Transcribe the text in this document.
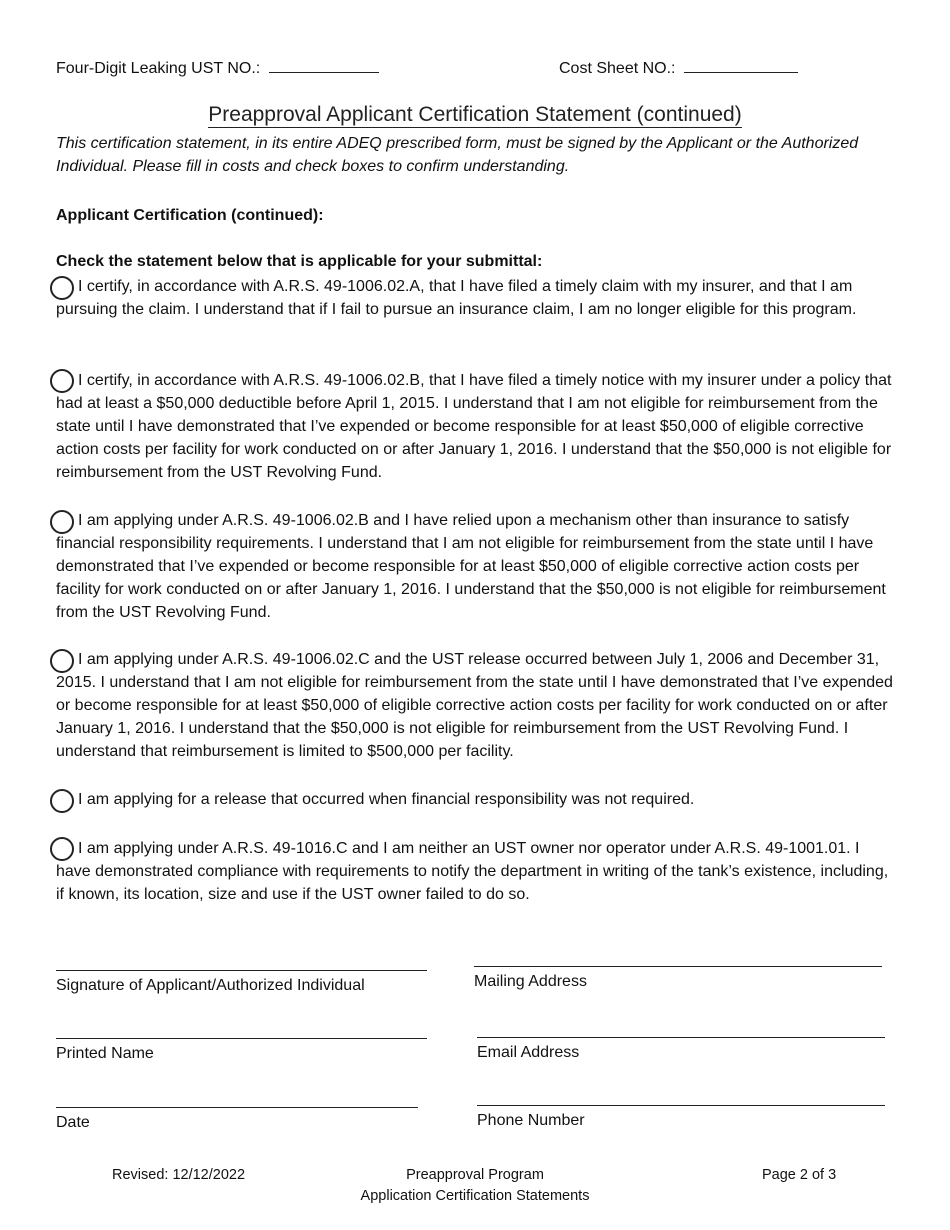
Four-Digit Leaking UST NO.:	Cost Sheet NO.:
Preapproval Applicant Certification Statement (continued)
This certification statement, in its entire ADEQ prescribed form, must be signed by the Applicant or the Authorized Individual. Please fill in costs and check boxes to confirm understanding.
Applicant Certification (continued):
Check the statement below that is applicable for your submittal:
I certify, in accordance with A.R.S. 49-1006.02.A, that I have filed a timely claim with my insurer, and that I am pursuing the claim. I understand that if I fail to pursue an insurance claim, I am no longer eligible for this program.
I certify, in accordance with A.R.S. 49-1006.02.B, that I have filed a timely notice with my insurer under a policy that had at least a $50,000 deductible before April 1, 2015. I understand that I am not eligible for reimbursement from the state until I have demonstrated that I’ve expended or become responsible for at least $50,000 of eligible corrective action costs per facility for work conducted on or after January 1, 2016. I understand that the $50,000 is not eligible for reimbursement from the UST Revolving Fund.
I am applying under A.R.S. 49-1006.02.B and I have relied upon a mechanism other than insurance to satisfy financial responsibility requirements. I understand that I am not eligible for reimbursement from the state until I have demonstrated that I’ve expended or become responsible for at least $50,000 of eligible corrective action costs per facility for work conducted on or after January 1, 2016. I understand that the $50,000 is not eligible for reimbursement from the UST Revolving Fund.
I am applying under A.R.S. 49-1006.02.C and the UST release occurred between July 1, 2006 and December 31, 2015. I understand that I am not eligible for reimbursement from the state until I have demonstrated that I’ve expended or become responsible for at least $50,000 of eligible corrective action costs per facility for work conducted on or after January 1, 2016. I understand that the $50,000 is not eligible for reimbursement from the UST Revolving Fund. I understand that reimbursement is limited to $500,000 per facility.
I am applying for a release that occurred when financial responsibility was not required.
I am applying under A.R.S. 49-1016.C and I am neither an UST owner nor operator under A.R.S. 49-1001.01. I have demonstrated compliance with requirements to notify the department in writing of the tank’s existence, including, if known, its location, size and use if the UST owner failed to do so.
Signature of Applicant/Authorized Individual	Mailing Address
Printed Name	Email Address
Date	Phone Number
Revised: 12/12/2022	Preapproval Program
Application Certification Statements
Page 2 of 3
